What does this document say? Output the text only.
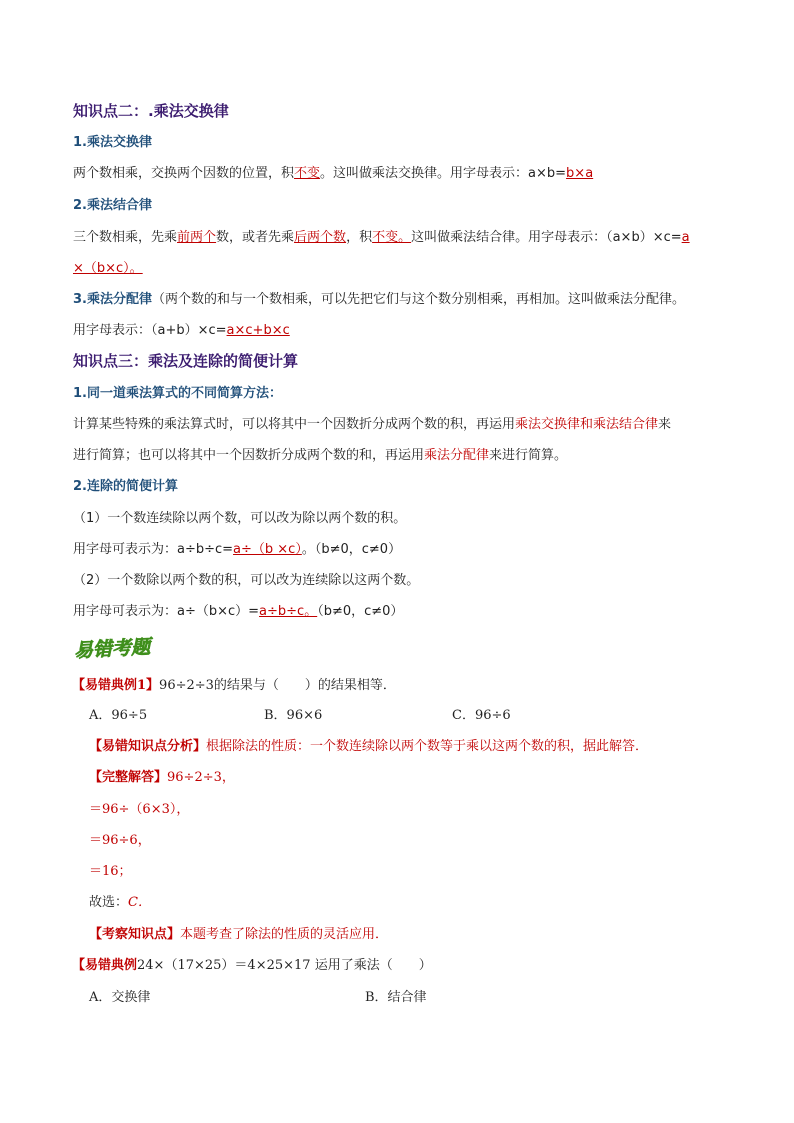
知识点二：.乘法交换律
1.乘法交换律
两个数相乘，交换两个因数的位置，积不变。这叫做乘法交换律。用字母表示：a×b=b×a
2.乘法结合律
三个数相乘，先乘前两个数，或者先乘后两个数，积不变。这叫做乘法结合律。用字母表示：（a×b）×c=a
×（b×c）。
3.乘法分配律（两个数的和与一个数相乘，可以先把它们与这个数分别相乘，再相加。这叫做乘法分配律。
用字母表示：（a+b）×c=a×c+b×c
知识点三：乘法及连除的简便计算
1.同一道乘法算式的不同简算方法：
计算某些特殊的乘法算式时，可以将其中一个因数折分成两个数的积，再运用乘法交换律和乘法结合律来
进行简算；也可以将其中一个因数折分成两个数的和，再运用乘法分配律来进行简算。
2.连除的简便计算
（1）一个数连续除以两个数，可以改为除以两个数的积。
用字母可表示为：a÷b÷c=a÷（b ×c）。（b≠0，c≠0）
（2）一个数除以两个数的积，可以改为连续除以这两个数。
用字母可表示为：a÷（b×c）=a÷b÷c。（b≠0，c≠0）
易错考题
【易错典例1】96÷2÷3的结果与（　　）的结果相等．
A．96÷5	B．96×6	C．96÷6
【易错知识点分析】根据除法的性质：一个数连续除以两个数等于乘以这两个数的积，据此解答．
【完整解答】96÷2÷3，
＝96÷（6×3），
＝96÷6，
＝16；
故选：C．
【考察知识点】本题考查了除法的性质的灵活应用．
【易错典例24×（17×25）＝4×25×17 运用了乘法（　　）
A．交换律	B．结合律
